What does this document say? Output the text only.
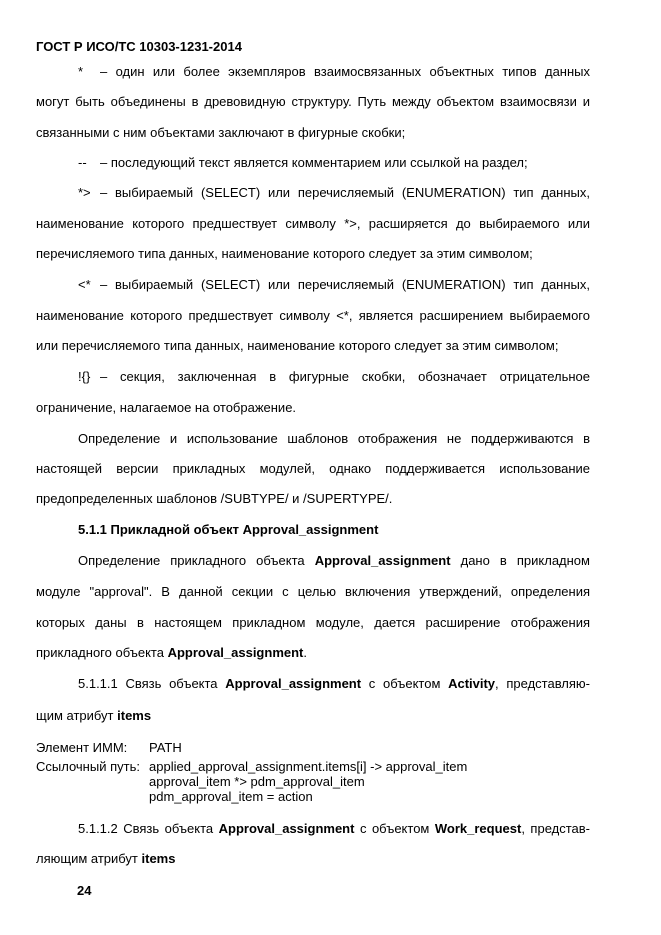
ГОСТ Р ИСО/ТС 10303-1231-2014
* – один или более экземпляров взаимосвязанных объектных типов данных
могут быть объединены в древовидную структуру. Путь между объектом взаимосвязи и
связанными с ним объектами заключают в фигурные скобки;
-- – последующий текст является комментарием или ссылкой на раздел;
*> – выбираемый (SELECT) или перечисляемый (ENUMERATION) тип данных,
наименование которого предшествует символу *>, расширяется до выбираемого или
перечисляемого типа данных, наименование которого следует за этим символом;
<* – выбираемый (SELECT) или перечисляемый (ENUMERATION) тип данных,
наименование которого предшествует символу <*, является расширением выбираемого
или перечисляемого типа данных, наименование которого следует за этим символом;
!{} – секция, заключенная в фигурные скобки, обозначает отрицательное
ограничение, налагаемое на отображение.
Определение и использование шаблонов отображения не поддерживаются в
настоящей версии прикладных модулей, однако поддерживается использование
предопределенных шаблонов /SUBTYPE/ и /SUPERTYPE/.
5.1.1 Прикладной объект Approval_assignment
Определение прикладного объекта Approval_assignment дано в прикладном
модуле "approval". В данной секции с целью включения утверждений, определения
которых даны в настоящем прикладном модуле, дается расширение отображения
прикладного объекта Approval_assignment.
5.1.1.1 Связь объекта Approval_assignment с объектом Activity, представляю-
щим атрибут items
Элемент ИММ: PATH
Ссылочный путь: applied_approval_assignment.items[i] -> approval_item
approval_item *> pdm_approval_item
pdm_approval_item = action
5.1.1.2 Связь объекта Approval_assignment с объектом Work_request, представ-
ляющим атрибут items
24
